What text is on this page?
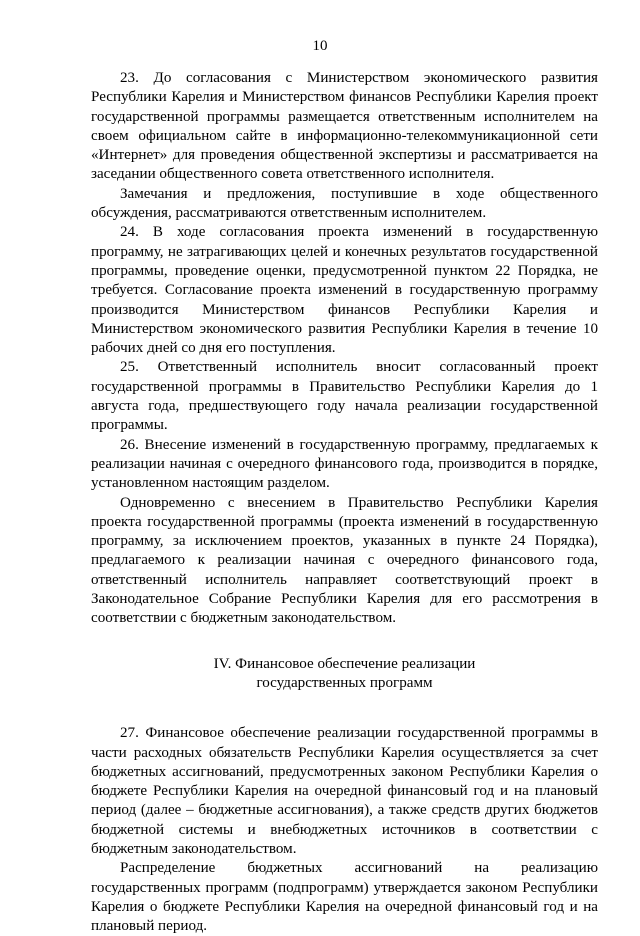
10

23. До согласования с Министерством экономического развития Республики Карелия и Министерством финансов Республики Карелия проект государственной программы размещается ответственным исполнителем на своем официальном сайте в информационно-телекоммуникационной сети «Интернет» для проведения общественной экспертизы и рассматривается на заседании общественного совета ответственного исполнителя.

Замечания и предложения, поступившие в ходе общественного обсуждения, рассматриваются ответственным исполнителем.

24. В ходе согласования проекта изменений в государственную программу, не затрагивающих целей и конечных результатов государственной программы, проведение оценки, предусмотренной пунктом 22 Порядка, не требуется. Согласование проекта изменений в государственную программу производится Министерством финансов Республики Карелия и Министерством экономического развития Республики Карелия в течение 10 рабочих дней со дня его поступления.

25. Ответственный исполнитель вносит согласованный проект государственной программы в Правительство Республики Карелия до 1 августа года, предшествующего году начала реализации государственной программы.

26. Внесение изменений в государственную программу, предлагаемых к реализации начиная с очередного финансового года, производится в порядке, установленном настоящим разделом.

Одновременно с внесением в Правительство Республики Карелия проекта государственной программы (проекта изменений в государственную программу, за исключением проектов, указанных в пункте 24 Порядка), предлагаемого к реализации начиная с очередного финансового года, ответственный исполнитель направляет соответствующий проект в Законодательное Собрание Республики Карелия для его рассмотрения в соответствии с бюджетным законодательством.

IV. Финансовое обеспечение реализации
государственных программ

27. Финансовое обеспечение реализации государственной программы в части расходных обязательств Республики Карелия осуществляется за счет бюджетных ассигнований, предусмотренных законом Республики Карелия о бюджете Республики Карелия на очередной финансовый год и на плановый период (далее – бюджетные ассигнования), а также средств других бюджетов бюджетной системы и внебюджетных источников в соответствии с бюджетным законодательством.

Распределение бюджетных ассигнований на реализацию государственных программ (подпрограмм) утверждается законом Республики Карелия о бюджете Республики Карелия на очередной финансовый год и на плановый период.
